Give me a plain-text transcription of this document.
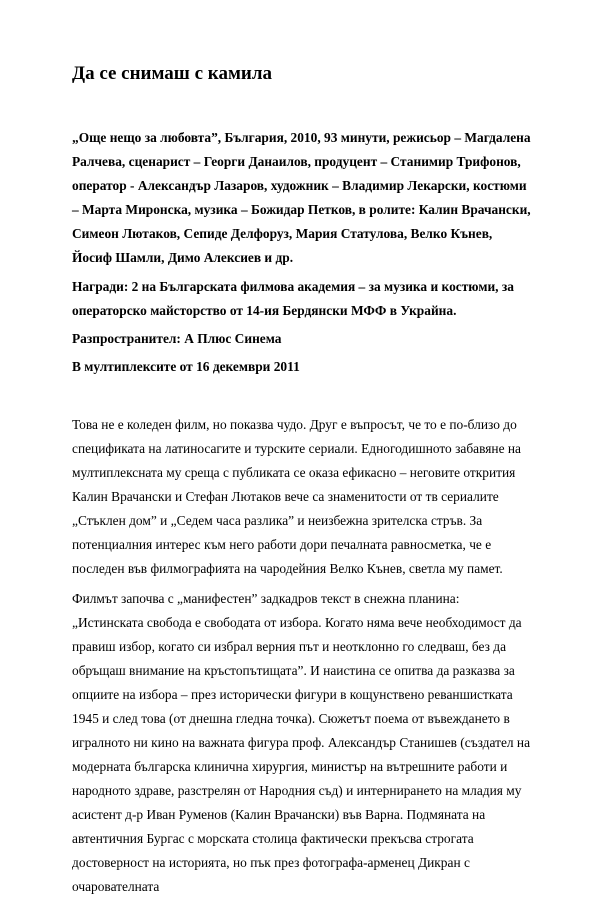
Да се снимаш с камила

„Още нещо за любовта”, България, 2010, 93 минути, режисьор – Магдалена Ралчева, сценарист – Георги Данаилов, продуцент – Станимир Трифонов, оператор - Александър Лазаров, художник – Владимир Лекарски, костюми – Марта Миронска, музика – Божидар Петков, в ролите: Калин Врачански, Симеон Лютаков, Сепиде Делфоруз, Мария Статулова, Велко Кънев, Йосиф Шамли, Димо Алексиев и др.

Награди: 2 на Българската филмова академия – за музика и костюми, за операторско майсторство от 14-ия Бердянски МФФ в Украйна.

Разпространител: А Плюс Синема

В мултиплексите от 16 декември 2011

Това не е коледен филм, но показва чудо. Друг е въпросът, че то е по-близо до спецификата на латиносагите и турските сериали. Едногодишното забавяне на мултиплексната му среща с публиката се оказа ефикасно – неговите открития Калин Врачански и Стефан Лютаков вече са знаменитости от тв сериалите „Стъклен дом” и „Седем часа разлика” и неизбежна зрителска стръв. За потенциалния интерес към него работи дори печалната равносметка, че е последен във филмографията на чародейния Велко Кънев, светла му памет.

Филмът започва с „манифестен” задкадров текст в снежна планина: „Истинската свобода е свободата от избора. Когато няма вече необходимост да правиш избор, когато си избрал верния път и неотклонно го следваш, без да обръщаш внимание на кръстопътищата”. И наистина се опитва да разказва за опциите на избора – през исторически фигури в кощунствено реваншистката 1945 и след това (от днешна гледна точка). Сюжетът поема от въвеждането в игралното ни кино на важната фигура проф. Александър Станишев (създател на модерната българска клинична хирургия, министър на вътрешните работи и народното здраве, разстрелян от Народния съд) и интернирането на младия му асистент д-р Иван Руменов (Калин Врачански) във Варна. Подмяната на автентичния Бургас с морската столица фактически прекъсва строгата достоверност на историята, но пък през фотографа-арменец Дикран с очарователната
